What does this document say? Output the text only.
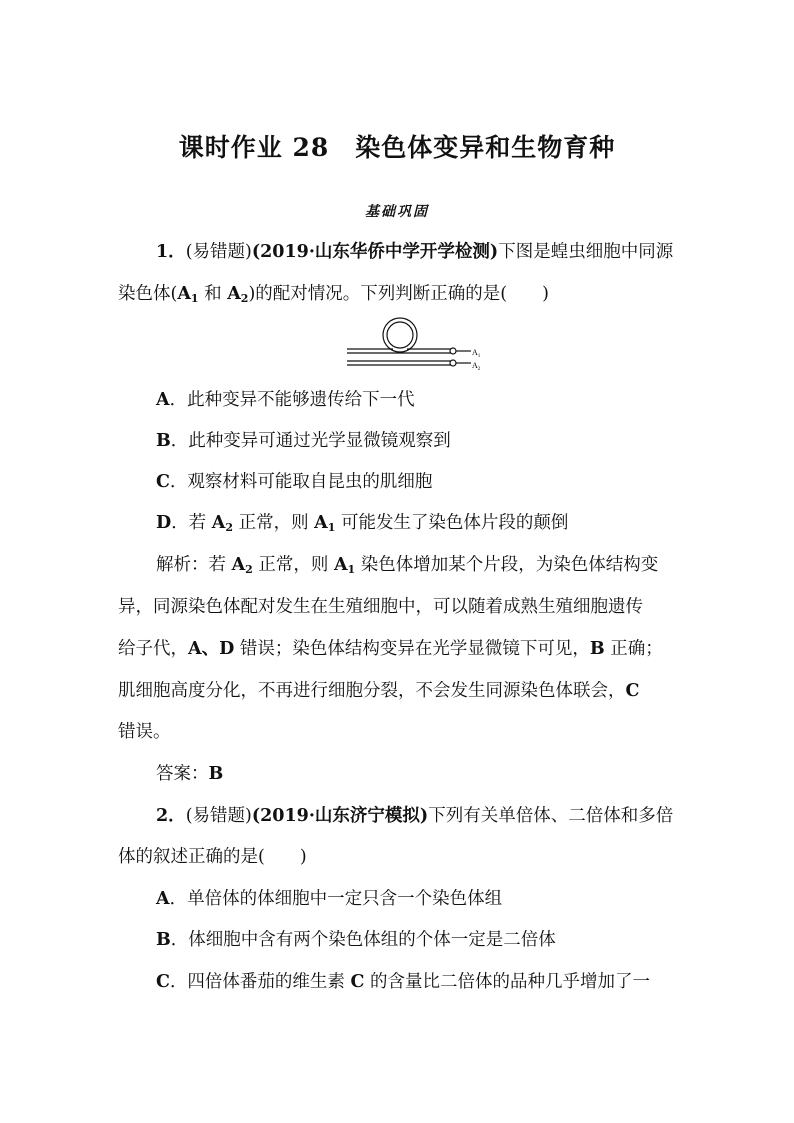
课时作业 28　染色体变异和生物育种
基础巩固
1．(易错题)(2019·山东华侨中学开学检测)下图是蝗虫细胞中同源
染色体($A_1$ 和 $A_2$)的配对情况。下列判断正确的是(　　)
$A_1$
$A_2$
A．此种变异不能够遗传给下一代
B．此种变异可通过光学显微镜观察到
C．观察材料可能取自昆虫的肌细胞
D．若 $A_2$ 正常，则 $A_1$ 可能发生了染色体片段的颠倒
解析：若 $A_2$ 正常，则 $A_1$ 染色体增加某个片段，为染色体结构变
异，同源染色体配对发生在生殖细胞中，可以随着成熟生殖细胞遗传
给子代，A、D 错误；染色体结构变异在光学显微镜下可见，B 正确；
肌细胞高度分化，不再进行细胞分裂，不会发生同源染色体联会，C
错误。
答案：B
2．(易错题)(2019·山东济宁模拟)下列有关单倍体、二倍体和多倍
体的叙述正确的是(　　)
A．单倍体的体细胞中一定只含一个染色体组
B．体细胞中含有两个染色体组的个体一定是二倍体
C．四倍体番茄的维生素 C 的含量比二倍体的品种几乎增加了一
